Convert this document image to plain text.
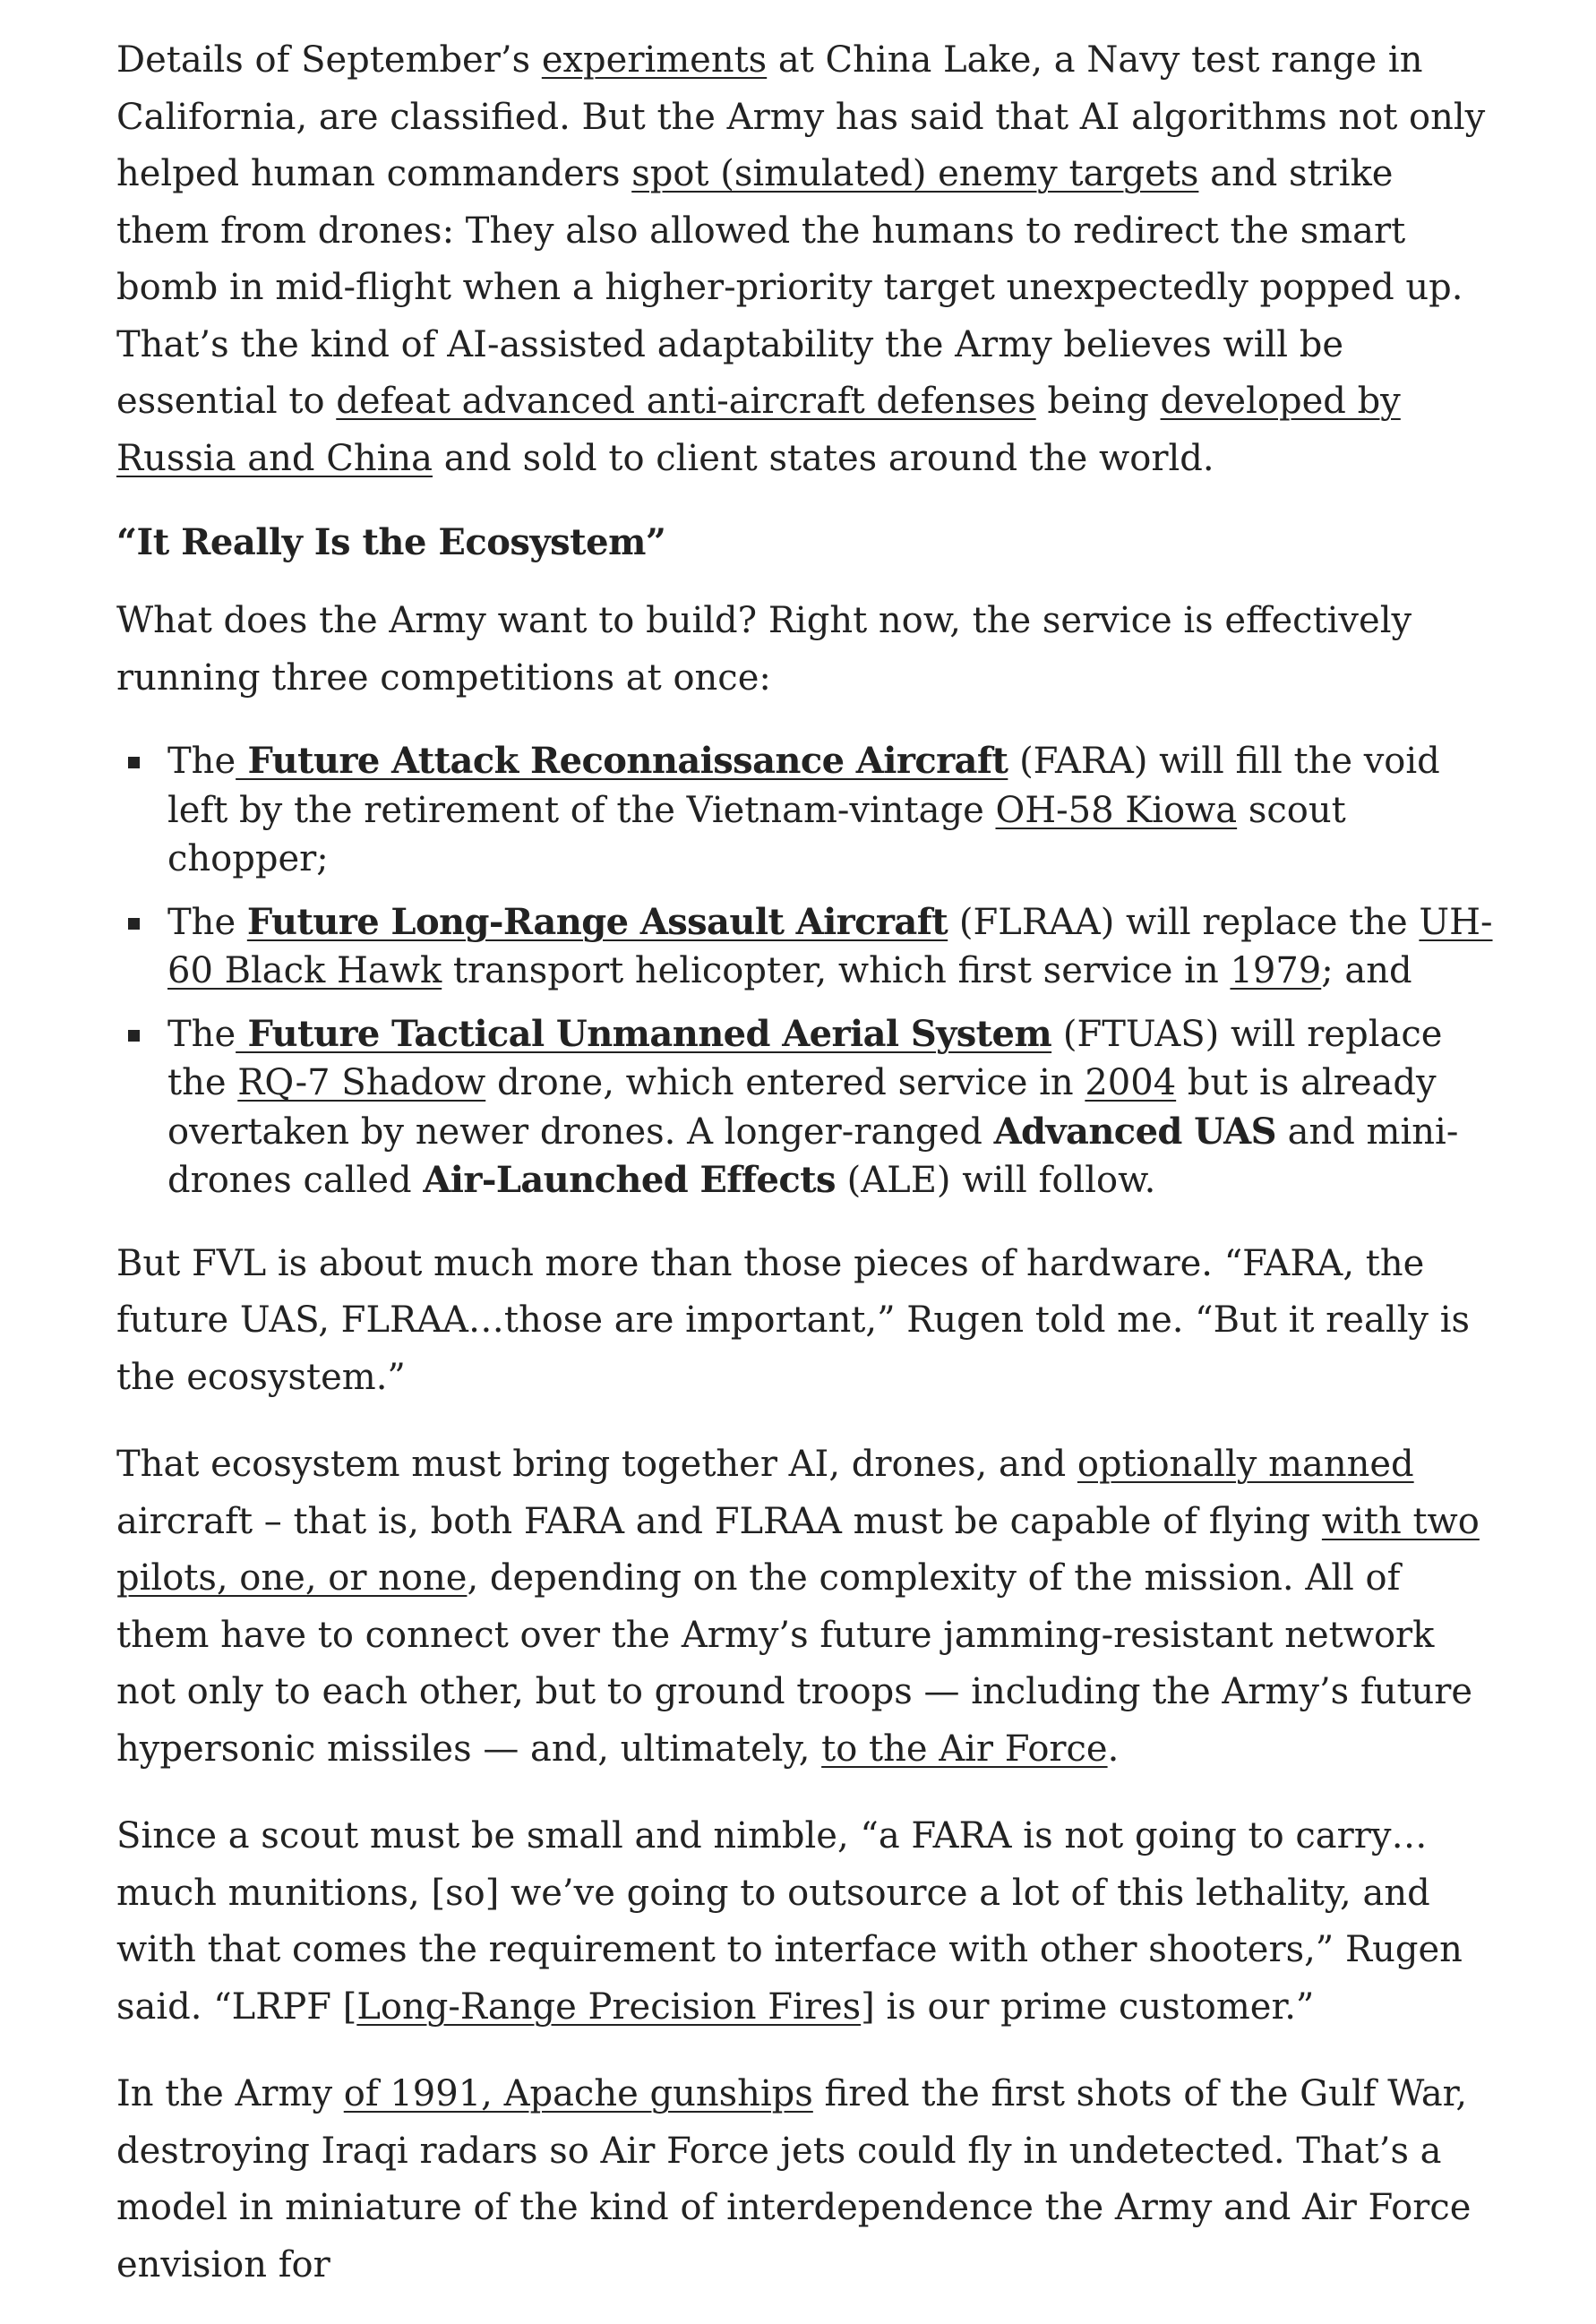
Details of September’s experiments at China Lake, a Navy test range in California, are classified. But the Army has said that AI algorithms not only helped human commanders spot (simulated) enemy targets and strike them from drones: They also allowed the humans to redirect the smart bomb in mid-flight when a higher-priority target unexpectedly popped up. That’s the kind of AI-assisted adaptability the Army believes will be essential to defeat advanced anti-aircraft defenses being developed by Russia and China and sold to client states around the world.

“It Really Is the Ecosystem”

What does the Army want to build? Right now, the service is effectively running three competitions at once:

The Future Attack Reconnaissance Aircraft (FARA) will fill the void left by the retirement of the Vietnam-vintage OH-58 Kiowa scout chopper;
The Future Long-Range Assault Aircraft (FLRAA) will replace the UH-60 Black Hawk transport helicopter, which first service in 1979; and
The Future Tactical Unmanned Aerial System (FTUAS) will replace the RQ-7 Shadow drone, which entered service in 2004 but is already overtaken by newer drones. A longer-ranged Advanced UAS and mini-drones called Air-Launched Effects (ALE) will follow.

But FVL is about much more than those pieces of hardware. “FARA, the future UAS, FLRAA…those are important,” Rugen told me. “But it really is the ecosystem.”

That ecosystem must bring together AI, drones, and optionally manned aircraft – that is, both FARA and FLRAA must be capable of flying with two pilots, one, or none, depending on the complexity of the mission. All of them have to connect over the Army’s future jamming-resistant network not only to each other, but to ground troops — including the Army’s future hypersonic missiles — and, ultimately, to the Air Force.

Since a scout must be small and nimble, “a FARA is not going to carry… much munitions, [so] we’ve going to outsource a lot of this lethality, and with that comes the requirement to interface with other shooters,” Rugen said. “LRPF [Long-Range Precision Fires] is our prime customer.”

In the Army of 1991, Apache gunships fired the first shots of the Gulf War, destroying Iraqi radars so Air Force jets could fly in undetected. That’s a model in miniature of the kind of interdependence the Army and Air Force envision for
